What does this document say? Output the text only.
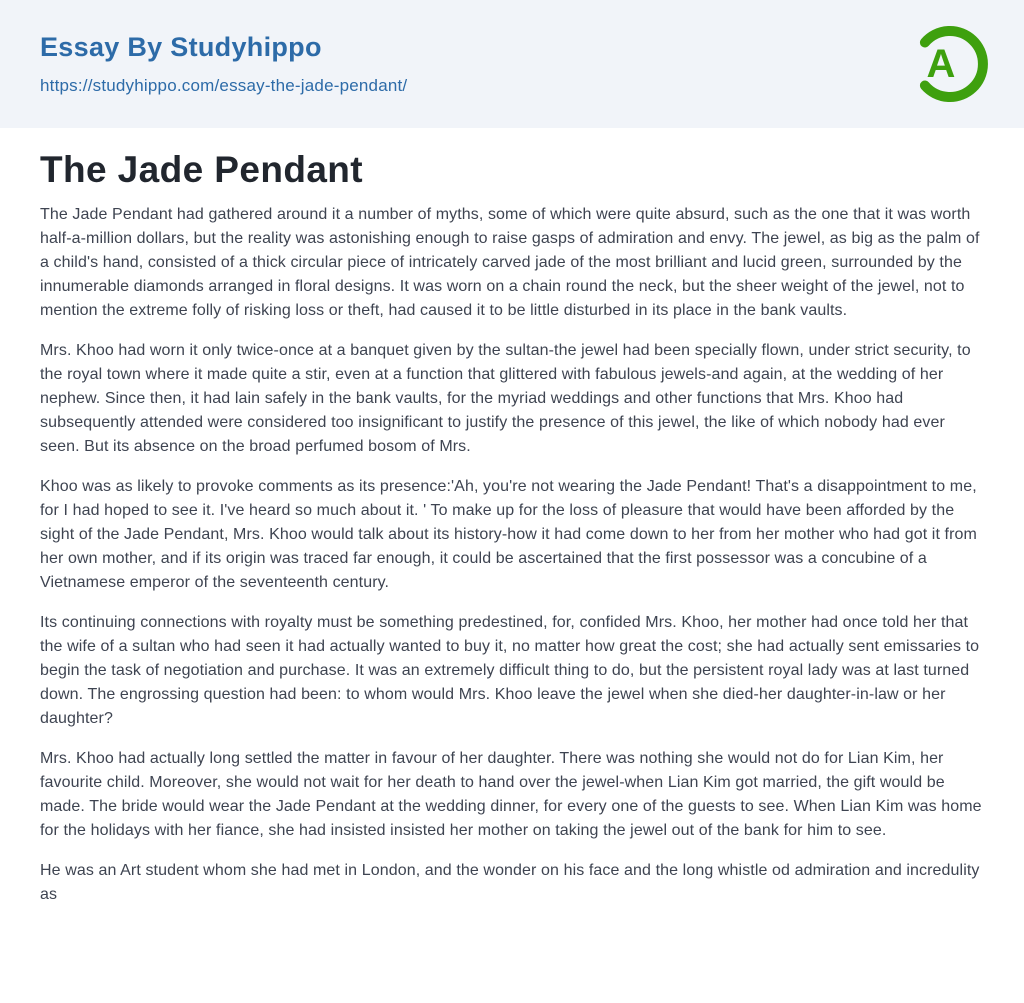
Essay By Studyhippo
https://studyhippo.com/essay-the-jade-pendant/	A
The Jade Pendant

The Jade Pendant had gathered around it a number of myths, some of which were quite absurd, such as the one that it was worth half-a-million dollars, but the reality was astonishing enough to raise gasps of admiration and envy. The jewel, as big as the palm of a child's hand, consisted of a thick circular piece of intricately carved jade of the most brilliant and lucid green, surrounded by the innumerable diamonds arranged in floral designs. It was worn on a chain round the neck, but the sheer weight of the jewel, not to mention the extreme folly of risking loss or theft, had caused it to be little disturbed in its place in the bank vaults.

Mrs. Khoo had worn it only twice-once at a banquet given by the sultan-the jewel had been specially flown, under strict security, to the royal town where it made quite a stir, even at a function that glittered with fabulous jewels-and again, at the wedding of her nephew. Since then, it had lain safely in the bank vaults, for the myriad weddings and other functions that Mrs. Khoo had subsequently attended were considered too insignificant to justify the presence of this jewel, the like of which nobody had ever seen. But its absence on the broad perfumed bosom of Mrs.

Khoo was as likely to provoke comments as its presence:'Ah, you're not wearing the Jade Pendant! That's a disappointment to me, for I had hoped to see it. I've heard so much about it. ' To make up for the loss of pleasure that would have been afforded by the sight of the Jade Pendant, Mrs. Khoo would talk about its history-how it had come down to her from her mother who had got it from her own mother, and if its origin was traced far enough, it could be ascertained that the first possessor was a concubine of a Vietnamese emperor of the seventeenth century.

Its continuing connections with royalty must be something predestined, for, confided Mrs. Khoo, her mother had once told her that the wife of a sultan who had seen it had actually wanted to buy it, no matter how great the cost; she had actually sent emissaries to begin the task of negotiation and purchase. It was an extremely difficult thing to do, but the persistent royal lady was at last turned down. The engrossing question had been: to whom would Mrs. Khoo leave the jewel when she died-her daughter-in-law or her daughter?

Mrs. Khoo had actually long settled the matter in favour of her daughter. There was nothing she would not do for Lian Kim, her favourite child. Moreover, she would not wait for her death to hand over the jewel-when Lian Kim got married, the gift would be made. The bride would wear the Jade Pendant at the wedding dinner, for every one of the guests to see. When Lian Kim was home for the holidays with her fiance, she had insisted insisted her mother on taking the jewel out of the bank for him to see.

He was an Art student whom she had met in London, and the wonder on his face and the long whistle od admiration and incredulity as
